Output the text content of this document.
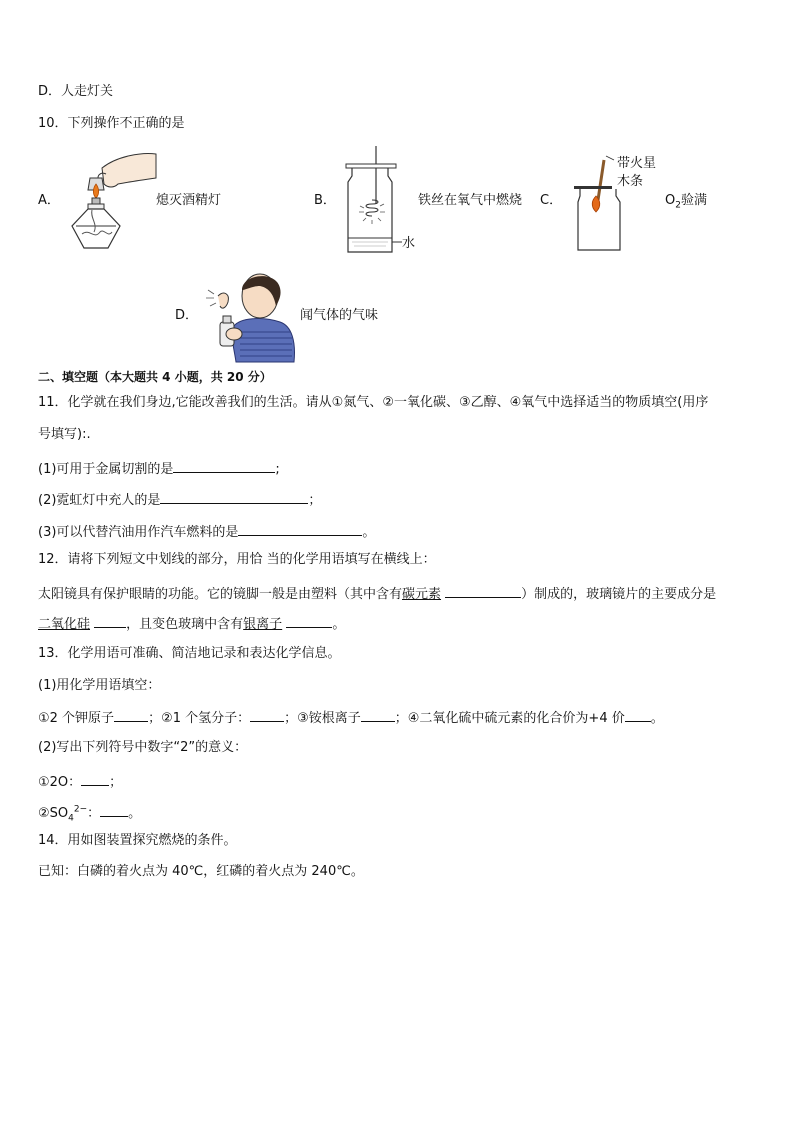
D．人走灯关
10．下列操作不正确的是
A．	熄灭酒精灯	B．
水
铁丝在氧气中燃烧 C．
带火星
木条
$O_2$验满
D．	闻气体的气味
二、填空题（本大题共 4 小题，共 20 分）
11．化学就在我们身边,它能改善我们的生活。请从①氮气、②一氧化碳、③乙醇、④氧气中选择适当的物质填空(用序
号填写):.
(1)可用于金属切割的是	;
(2)霓虹灯中充人的是	；
(3)可以代替汽油用作汽车燃料的是	。
12．请将下列短文中划线的部分，用恰 当的化学用语填写在横线上：
太阳镜具有保护眼睛的功能。它的镜脚一般是由塑料（其中含有碳元素	）制成的，玻璃镜片的主要成分是
二氧化硅	，且变色玻璃中含有银离子	。
13．化学用语可准确、简洁地记录和表达化学信息。
(1)用化学用语填空：
①2 个钾原子	；②1 个氢分子：	；③铵根离子	；④二氧化硫中硫元素的化合价为+4 价 。
(2)写出下列符号中数字“2”的意义：
①2O： ；
$②SO_4^{2-}$： 。
14．用如图装置探究燃烧的条件。
已知：白磷的着火点为 40℃，红磷的着火点为 240℃。
